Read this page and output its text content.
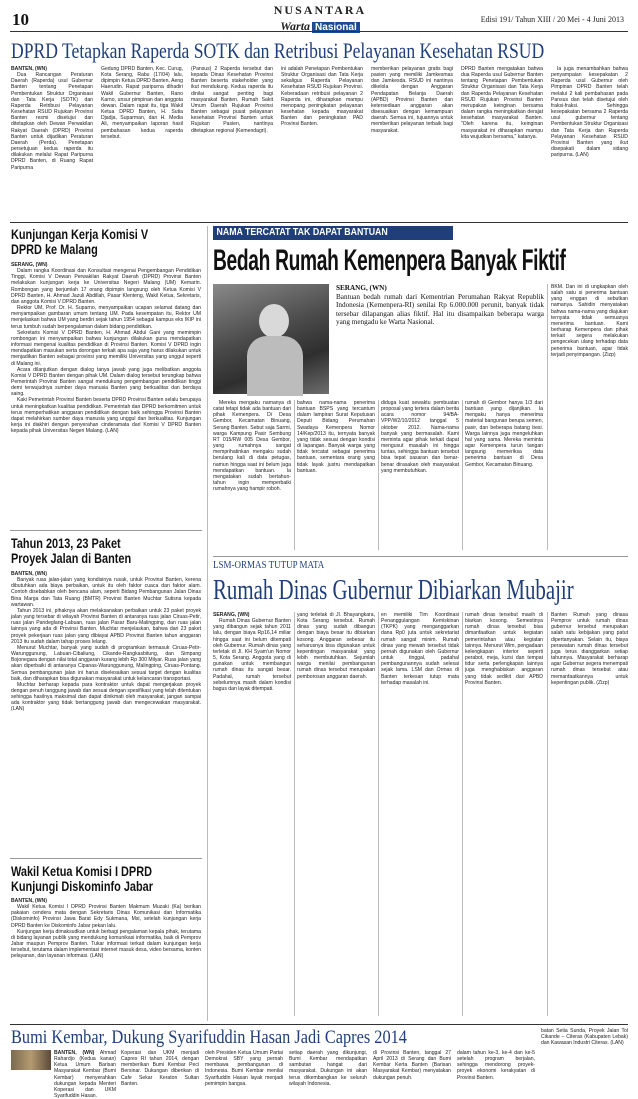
10	NUSANTARA
Warta Nasional
Edisi 191/ Tahun XIII / 20 Mei - 4 Juni 2013
DPRD Tetapkan Raperda SOTK dan Retribusi Pelayanan Kesehatan RSUD

BANTEN, (WN)

Dua Rancangan Peraturan Daerah (Raperda) usul Gubernur Banten tentang Penetapan Pembentukan Struktur Organisasi dan Tata Kerja (SOTK) dan Raperda Retribusi Pelayanan Kesehatan RSUD Rujukan Provinsi Banten resmi disetujui dan ditetapkan oleh Dewan Perwakilan Rakyat Daerah (DPRD) Provinsi Banten untuk dijadikan Peraturan Daerah (Perda). Penetapan persetujuan kedua raperda itu dilakukan melalui Rapat Paripurna DPRD Banten, di Ruang Rapat Paripurna

Gedung DPRD Banten, Kec. Curug, Kota Serang, Rabu (17/04) lalu, dipimpin Ketua DPRD Banten, Aeng Haerudin. Rapat paripurna dihadiri Wakil Gubernur Banten, Rano Karno, unsur pimpinan dan anggota dewan. Dalam rapat itu, tiga Wakil Ketua DPRD Banten, H. Sutia Djadja, Suparman, dan H. Media Ali, menyampaikan laporan hasil pembahasan kedua raperda tersebut.

(Pansus) 2 Raperda tersebut dan kepada Dinas Kesehatan Provinsi Banten beserta stakeholder yang ikut mendukung. Kedua raperda itu dinilai sangat penting bagi masyarakat Banten. Rumah Sakit Umum Daerah Rujukan Provinsi Banten sebagai pusat pelayanan kesehatan Provinsi Banten untuk Rujukan Pasien, nantinya ditetapkan regional (Kemendagri).

ini adalah Penetapan Pembentukan Struktur Organisasi dan Tata Kerja sekaligus Raperda Pelayanan Kesehatan RSUD Rujukan Provinsi. Keberadaan retribusi pelayanan 2 Raperda ini, diharapkan mampu menopang peningkatan pelayanan kesehatan kepada masyarakat Banten dan peningkatan PAD Provinsi Banten.

memberikan pelayanan gratis bagi pasien yang memiliki Jamkesmas dan Jamkesda. RSUD ini nantinya dikelola dengan Anggaran Pendapatan Belanja Daerah (APBD) Provinsi Banten dan ketersediaan anggaran akan disesuaikan dengan kemampuan daerah. Semua ini, tujuannya untuk memberikan pelayanan terbaik bagi masyarakat.

DPRD Banten mengatakan bahwa dua Raperda usul Gubernur Banten tentang Penetapan Pembentukan Struktur Organisasi dan Tata Kerja dan Raperda Pelayanan Kesehatan RSUD Rujukan Provinsi Banten merupakan keinginan bersama dalam rangka meningkatkan derajat kesehatan masyarakat Banten. "Oleh karena itu, keinginan masyarakat ini diharapkan mampu kita wujudkan bersama," katanya.

Ia juga menambahkan bahwa penyampaian kesepakatan 2 Raperda usul Gubernur oleh Pimpinan DPRD Banten telah melalui 2 kali pembahasan pada Pansus dan telah disetujui oleh fraksi-fraksi. Sehingga kesepakatan bersama 2 Raperda usul gubernur tentang Pembentukan Struktur Organisasi dan Tata Kerja dan Raperda Pelayanan Kesehatan RSUD Provinsi Banten yang ikut disepakati dalam sidang paripurna. (LAN)

Kunjungan Kerja Komisi V
DPRD ke Malang

SERANG, (WN)

Dalam rangka Koordinasi dan Konsultasi mengenai Pengembangan Pendidikan Tinggi, Komisi V Dewan Perwakilan Rakyat Daerah (DPRD) Provinsi Banten melakukan kunjungan kerja ke Universitas Negeri Malang (UM) Kemarin. Rombongan yang berjumlah 17 orang dipimpin langsung oleh Ketua Komisi V DPRD Banten, H. Ahmad Jazuli Abdillah, Pasar Klenteng, Wakil Ketua, Sekretaris, dan anggota Komisi V DPRD Banten.

Rektor UM, Prof. Dr. H. Suparno, menyampaikan ucapan selamat datang dan menyampaikan gambaran umum tentang UM. Pada kesempatan itu, Rektor UM menjelaskan bahwa UM yang berdiri sejak tahun 1954 sebagai kampus eks IKIP ini terus tumbuh sudah berpengalaman dalam bidang pendidikan.

Sekretaris Komisi V DPRD Banten, H. Ahmad Abdul Gani yang memimpin rombongan ini menyampaikan bahwa kunjungan dilakukan guna mendapatkan informasi mengenai kualitas pendidikan di Provinsi Banten. Komisi V DPRD ingin mendapatkan masukan serta dorongan terkait apa saja yang harus dilakukan untuk menjadikan Banten sebagai provinsi yang memiliki Universitas yang unggul seperti di Malang ini.

Acara dilanjutkan dengan dialog tanya jawab yang juga melibatkan anggota Komisi V DPRD Banten dengan pihak UM. Dalam dialog tersebut terungkap bahwa Pemerintah Provinsi Banten sangat mendukung pengembangan pendidikan tinggi demi terwujudnya sumber daya manusia Banten yang berkualitas dan berdaya saing.

Kaki Pemerintah Provinsi Banten beserta DPRD Provinsi Banten selalu berupaya untuk meningkatkan kualitas pendidikan. Pemerintah dan DPRD berkomitmen untuk terus memperhatikan anggaran pendidikan dengan baik sehingga Provinsi Banten dapat melahirkan sumber daya manusia yang unggul dan berkualitas. Kunjungan kerja ini diakhiri dengan penyerahan cinderamata dari Komisi V DPRD Banten kepada pihak Universitas Negeri Malang. (LAN)

Tahun 2013, 23 Paket
Proyek Jalan di Banten

BANTEN, (WN)

Banyak ruas jalan-jalan yang kondisinya rusak, untuk Provinsi Banten, kerena dibutuhkan ada biaya perbaikan, untuk itu oleh faktor cuaca dan faktor alam. Contoh disebabkan oleh bencana alam, seperti Bidang Pembangunan Jalan Dinas Bina Marga dan Tata Ruang (BMTR) Provinsi Banten Muchtar Sutisna kepada wartawan.

Tahun 2013 ini, pihaknya akan melaksanakan perbaikan untuk 23 paket proyek jalan yang tersebar di wilayah Provinsi Banten di antaranya ruas jalan Ciruas-Petir, ruas jalan Pandeglang-Labuan, ruas jalan Pasar Baru-Malingping, dan ruas jalan lainnya yang ada di Provinsi Banten. Muchtar menjelaskan, bahwa dari 23 paket proyek pekerjaan ruas jalan yang dibiayai APBD Provinsi Banten tahun anggaran 2013 itu sudah dalam tahap proses lelang.

Menurut Muchtar, banyak yang sudah di programkan termasuk Ciruas-Petir-Warunggunung, Labuan-Cibaliung, Cikande-Rangkasbitung, dan Simpang Bojonegara dengan nilai total anggaran kurang lebih Rp 300 Milyar. Ruas jalan yang akan diperbaiki di antaranya Cipanas-Warunggunung, Malingping, Ciruas-Pontang. Semua pembangunan jalan ini harus diselesaikan sesuai target dengan kualitas baik, dan diharapkan bisa digunakan masyarakat untuk kelancaran transportasi.

Muchtar berharap kepada para kontraktor untuk dapat mengerjakan proyek dengan penuh tanggung jawab dan sesuai dengan spesifikasi yang telah ditentukan sehingga hasilnya maksimal dan dapat dinikmati oleh masyarakat, jangan sampai ada kontraktor yang tidak bertanggung jawab dan mengecewakan masyarakat. (LAN)

Wakil Ketua Komisi I DPRD
Kunjungi Diskominfo Jabar

BANTEN, (WN)

Wakil Ketua Komisi I DPRD Provinsi Banten Makmum Muzaki (Ka) berikan pakaian cendera mata dengan Sekretaris Dinas Komunikasi dan Informatika (Diskominfo) Provinsi Jawa Barat Edy Sukmana, Msi, setelah kunjungan kerja DPRD Banten ke Diskominfo Jabar pekan lalu.

Kunjungan kerja dimaksudkan untuk berbagi pengalaman kepala pihak, terutama di bidang layanan publik yang mendukung komunikasi informatika, baik di Pemprov Jabar maupun Pemprov Banten. Tukar informasi terkait dalam kunjungan kerja tersebut, terutama dalam implementasi internet masuk desa, video bersama, konten pelayanan, dan layanan informasi. (LAN)

NAMA TERCATAT TAK DAPAT BANTUAN
Bedah Rumah Kemenpera Banyak Fiktif

SERANG, (WN)

Bantuan bedah rumah dari Kementrian Perumahan Rakyat Republik Indonesia (Kemenpera-RI) senilai Rp 6.000.000 perunit, banyak tidak tersebar dilapangan alias fiktif. Hal itu disampaikan beberapa warga yang mengadu ke Warta Nasional.

Mereka mengaku namanya di catat tetapi tidak ada bantuan dari pihak Kemenpera. Di Desa Gembor, Kecamatan Binuang, Serang Banten. Sebut saja Sarmi, warga Kampung Pasir Sembung RT 015/RW 005 Desa Gembor, yang rumahnya sangat memprihatinkan mengaku sudah berulang kali di data petugas, namun hingga saat ini belum juga mendapatkan bantuan. Ia mengatakan sudah bertahun-tahun ingin memperbaiki rumahnya yang hampir roboh.

bahwa nama-nama penerima bantuan BSPS yang tercantum dalam lampiran Surat Keputusan Deputi Bidang Perumahan Swadaya Kemenpera Nomor 14/Kep/2013 itu, ternyata banyak yang tidak sesuai dengan kondisi di lapangan. Banyak warga yang tidak tercatat sebagai penerima bantuan, sementara orang yang tidak layak justru mendapatkan bantuan.

diduga kuat sewaktu pembuatan proposal yang tertera dalam berita acara nomor 94/BA-VPP/W2/10/2012 tanggal 5 oktober 2012. Nama-nama banyak yang bermasalah. Kami meminta agar pihak terkait dapat mengusut masalah ini hingga tuntas, sehingga bantuan tersebut bisa tepat sasaran dan benar-benar dirasakan oleh masyarakat yang membutuhkan.

rumah di Gembor hanya 1/3 dari bantuan yang dijanjikan. Ia mengaku hanya menerima material bangunan berupa semen, pasir, dan beberapa batang besi. Warga lainnya juga mengeluhkan hal yang sama. Mereka meminta agar Kemenpera turun tangan langsung memeriksa data penerima bantuan di Desa Gembor, Kecamatan Binuang.

BKM. Dan ini di ungkapkan oleh salah satu si penerima bantuan yang enggan di sebutkan namanya. Sahidin menyatakan bahwa nama-nama yang diajukan ternyata tidak semuanya menerima bantuan. Kami berharap Kemenpera dan pihak terkait segera melakukan pengecekan ulang terhadap data penerima bantuan, agar tidak terjadi penyimpangan. (Zizp)

LSM-ORMAS TUTUP MATA
Rumah Dinas Gubernur Dibiarkan Mubajir

SERANG, (WN)

Rumah Dinas Gubernur Banten yang dibangun sejak tahun 2011 lalu, dengan biaya Rp16,14 miliar hingga saat ini belum ditempati oleh Gubernur. Rumah dinas yang terletak di Jl. KH Syam'un Nomor 5, Kota Serang. Anggota yang di gunakan untuk membangun rumah dinas itu sangat besar. Padahal, rumah tersebut sebelumnya masih dalam kondisi bagus dan layak ditempati.

yang terletak di Jl. Bhayangkara, Kota Serang tersebut. Rumah dinas yang sudah dibangun dengan biaya besar itu dibiarkan kosong. Anggaran sebesar itu seharusnya bisa digunakan untuk kepentingan masyarakat yang lebih membutuhkan. Sejumlah warga menilai pembangunan rumah dinas tersebut merupakan pemborosan anggaran daerah.

en memiliki Tim Koordinasi Penanggulangan Kemiskinan (TKPK) yang menganggarkan dana Rp0 juta untuk sekretariat rumah sangat minim. Rumah dinas yang mewah tersebut tidak pernah digunakan oleh Gubernur untuk tinggal, padahal pembangunannya sudah selesai sejak lama. LSM dan Ormas di Banten terkesan tutup mata terhadap masalah ini.

rumah dinas tersebut masih di biarkan kosong. Semestinya rumah dinas tersebut bisa dimanfaatkan untuk kegiatan pemerintahan atau kegiatan lainnya. Menurut Wim, pengadaan kelengkapan interior seperti perabot, meja, kursi dan tempat tidur serta perlengkapan lainnya juga menghabiskan anggaran yang tidak sedikit dari APBD Provinsi Banten.

Banten Rumah yang dinasa Pemprov untuk rumah dinas gubernur tersebut merupakan salah satu kebijakan yang patut dipertanyakan. Selain itu, biaya perawatan rumah dinas tersebut juga terus dianggarkan setiap tahunnya. Masyarakat berharap agar Gubernur segera menempati rumah dinas tersebut atau memanfaatkannya untuk kepentingan publik. (Zizp)

Bumi Kembar, Dukung Syarifuddin Hasan Jadi Capres 2014

BANTEN, (WN) Ahmad Rahardjo (Kedua kanan) Ketua Umum Barisan Masyarakat Kembar (Bumi Kembar) menyerahkan dukungan kepada Menteri Koperasi dan UKM Syarifuddin Hasan.

Koperasi dan UKM menjadi Capres RI tahun 2014, dengan memberikan Bumi Kembar Peci Bersinar. Dukungan diberikan di Cafe Sekar Keraton Sultan Banten.

oleh Presiden Ketua Umum Partai Demokrat SBY yang pernah membawa pembangunan di Indonesia. Bumi Kembar menilai Syarifuddin Hasan layak menjadi pemimpin bangsa.

setiap daerah yang dikunjungi, Bumi Kembar mendapatkan sambutan hangat dari masyarakat. Dukungan ini akan terus dikembangkan ke seluruh wilayah Indonesia.

di Provinsi Banten, tanggal 27 April 2013 di Serang dan Bumi Kembar Kerta Banten (Barisan Masyarakat Kembar) menyatakan dukungan penuh.

dalam tahun ke-3, ke-4 dan ke-5 setelah program berjalan, sehingga mendorong proyek-proyek ekonomi kerakyatan di Provinsi Banten.

batan Setia Sunda, Proyek Jalan Tol Cikande – Citeras (Kabupaten Lebak) dan Kawasan Industri Citeras. (LAN)
